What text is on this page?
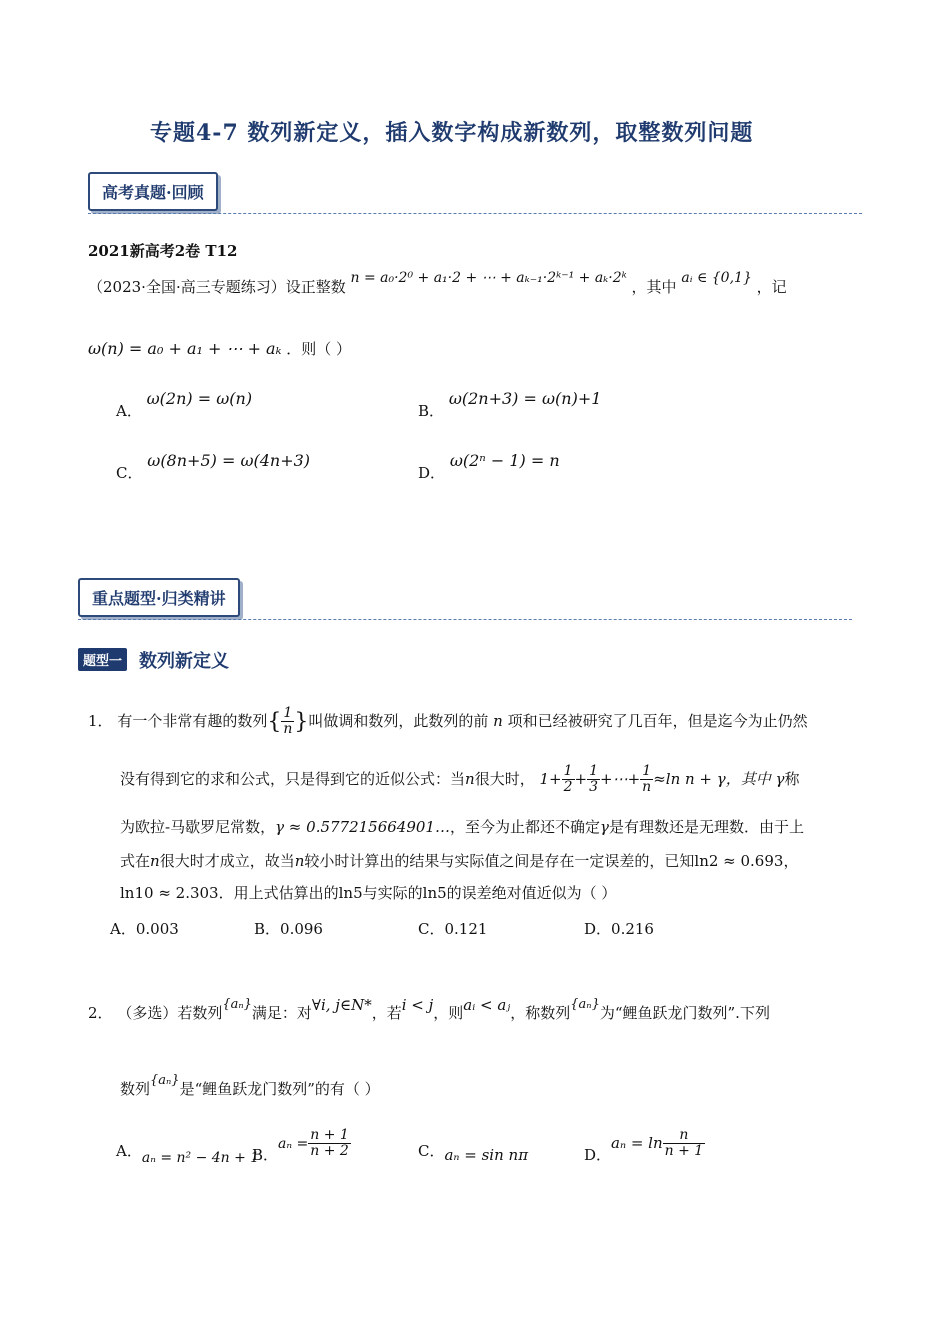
专题4-7 数列新定义，插入数字构成新数列，取整数列问题
高考真题·回顾
2021新高考2卷 T12
（2023·全国·高三专题练习）设正整数 n = a₀·2⁰ + a₁·2 + ⋯ + aₖ₋₁·2ᵏ⁻¹ + aₖ·2ᵏ ，其中 aᵢ ∈ {0,1} ，记
ω(n) = a₀ + a₁ + ⋯ + aₖ ．则（ ）
A． ω(2n) = ω(n)
B． ω(2n+3) = ω(n)+1
C． ω(8n+5) = ω(4n+3)
D． ω(2ⁿ − 1) = n
重点题型·归类精讲
题型一 数列新定义
1． 有一个非常有趣的数列{ $\frac{1}{n}$ }叫做调和数列，此数列的前 n 项和已经被研究了几百年，但是迄今为止仍然
没有得到它的求和公式，只是得到它的近似公式：当n很大时， $1+ \frac{1}{2} + \frac{1}{3}$ +⋯+ $\frac{1}{n} \approx\ln$ n + γ，其中 γ称
为欧拉-马歇罗尼常数，γ ≈ 0.577215664901…，至今为止都还不确定γ是有理数还是无理数．由于上
式在n很大时才成立，故当n较小时计算出的结果与实际值之间是存在一定误差的，已知ln2 ≈ 0.693，
ln10 ≈ 2.303．用上式估算出的ln5与实际的ln5的误差绝对值近似为（ ）
A．0.003	B．0.096	C．0.121	D．0.216
2． （多选）若数列{aₙ}满足：对∀i, j∈N*，若i < j，则aᵢ < aⱼ，称数列{aₙ}为“鲤鱼跃龙门数列”.下列
数列{aₙ}是“鲤鱼跃龙门数列”的有（ ）
A．aₙ = n² − 4n + 1
B．$a_n = \frac{n + 1}{n + 2}$	C．aₙ = sin nπ	D．$a_n = \ln \frac{n}{n + 1}$
